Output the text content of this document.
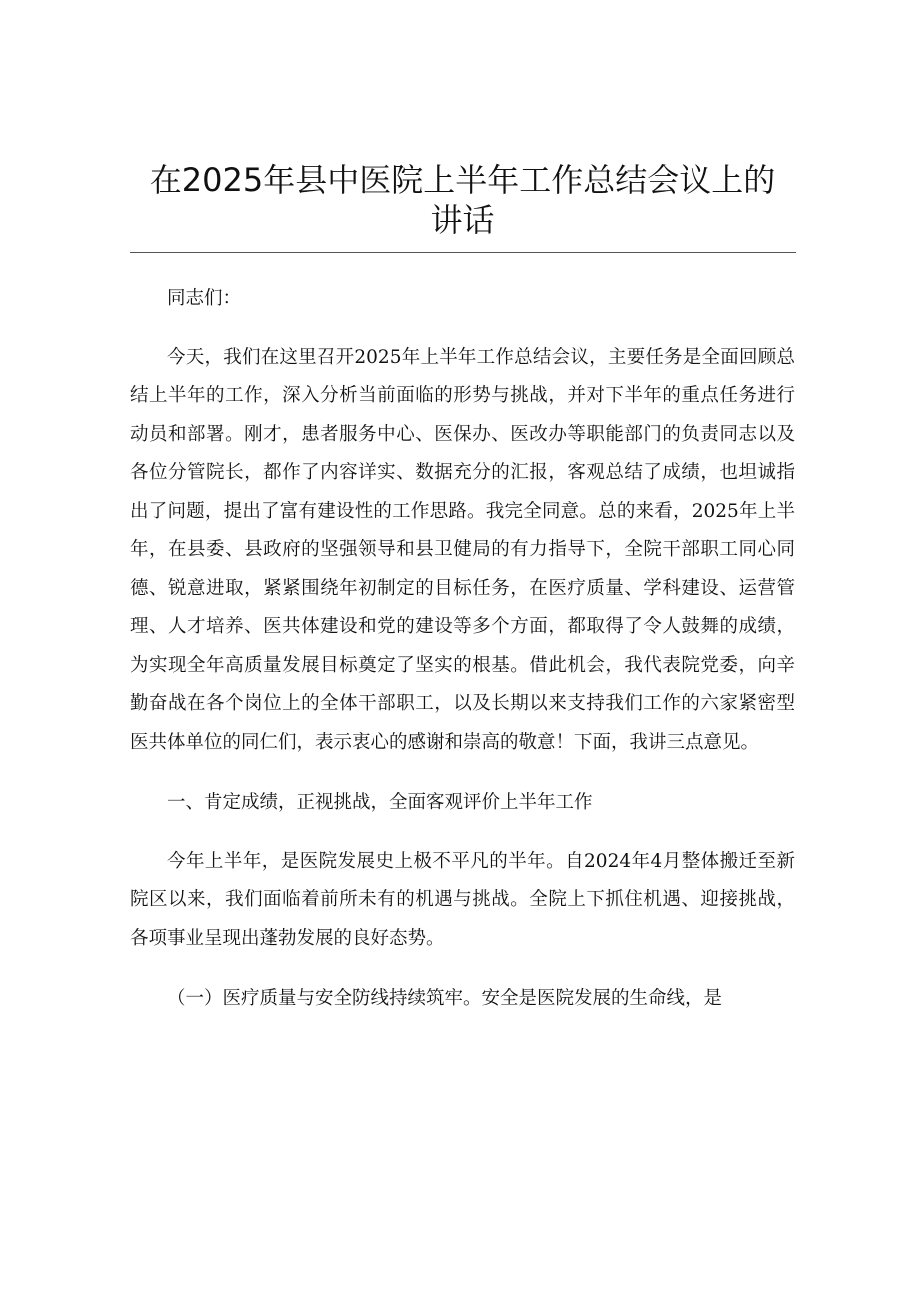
在2025年县中医院上半年工作总结会议上的
讲话

同志们：

今天，我们在这里召开2025年上半年工作总结会议，主要任务是全面回顾总结上半年的工作，深入分析当前面临的形势与挑战，并对下半年的重点任务进行动员和部署。刚才，患者服务中心、医保办、医改办等职能部门的负责同志以及各位分管院长，都作了内容详实、数据充分的汇报，客观总结了成绩，也坦诚指出了问题，提出了富有建设性的工作思路。我完全同意。总的来看，2025年上半年，在县委、县政府的坚强领导和县卫健局的有力指导下，全院干部职工同心同德、锐意进取，紧紧围绕年初制定的目标任务，在医疗质量、学科建设、运营管理、人才培养、医共体建设和党的建设等多个方面，都取得了令人鼓舞的成绩，为实现全年高质量发展目标奠定了坚实的根基。借此机会，我代表院党委，向辛勤奋战在各个岗位上的全体干部职工，以及长期以来支持我们工作的六家紧密型医共体单位的同仁们，表示衷心的感谢和崇高的敬意！下面，我讲三点意见。

一、肯定成绩，正视挑战，全面客观评价上半年工作

今年上半年，是医院发展史上极不平凡的半年。自2024年4月整体搬迁至新院区以来，我们面临着前所未有的机遇与挑战。全院上下抓住机遇、迎接挑战，各项事业呈现出蓬勃发展的良好态势。

（一）医疗质量与安全防线持续筑牢。安全是医院发展的生命线，是
